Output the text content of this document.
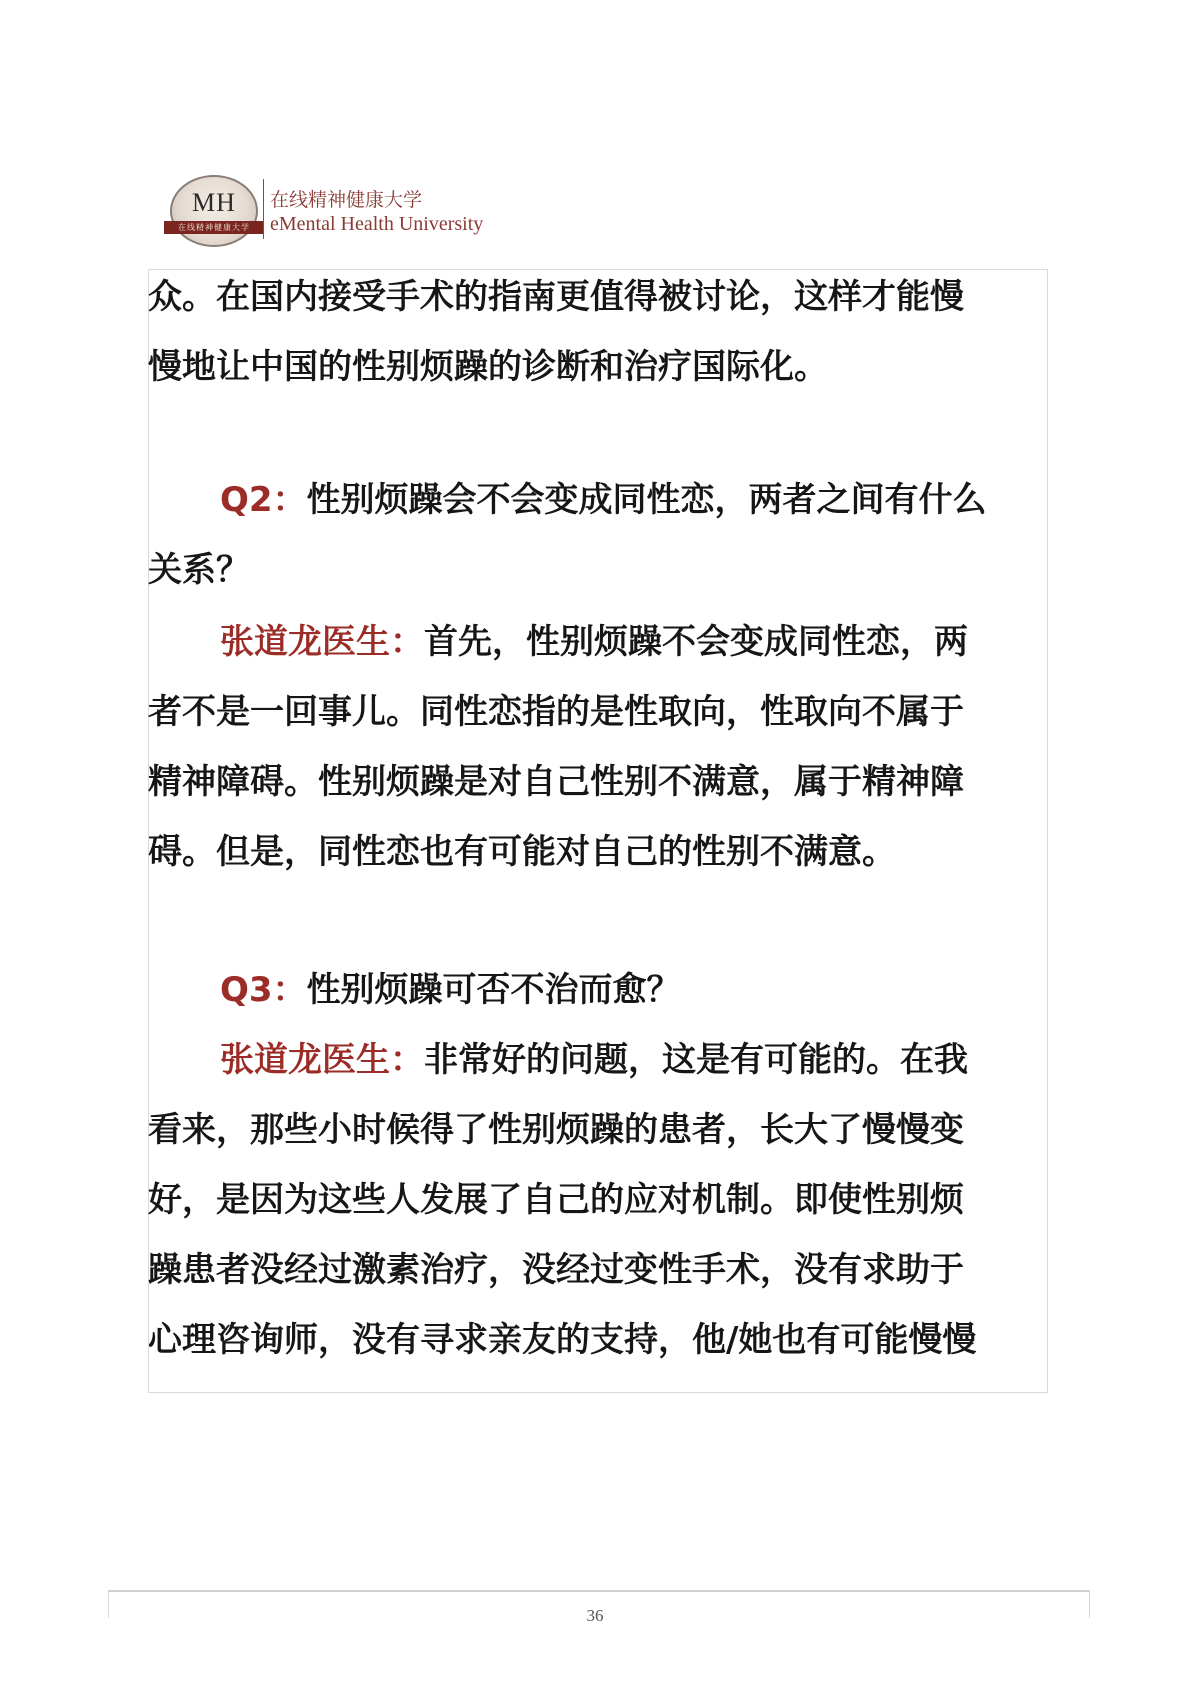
MH
在线精神健康大学
在线精神健康大学
eMental Health University
众。在国内接受手术的指南更值得被讨论，这样才能慢
慢地让中国的性别烦躁的诊断和治疗国际化。
Q2：性别烦躁会不会变成同性恋，两者之间有什么
关系？
张道龙医生：首先，性别烦躁不会变成同性恋，两
者不是一回事儿。同性恋指的是性取向，性取向不属于
精神障碍。性别烦躁是对自己性别不满意，属于精神障
碍。但是，同性恋也有可能对自己的性别不满意。
Q3：性别烦躁可否不治而愈？
张道龙医生：非常好的问题，这是有可能的。在我
看来，那些小时候得了性别烦躁的患者，长大了慢慢变
好，是因为这些人发展了自己的应对机制。即使性别烦
躁患者没经过激素治疗，没经过变性手术，没有求助于
心理咨询师，没有寻求亲友的支持，他/她也有可能慢慢
36
